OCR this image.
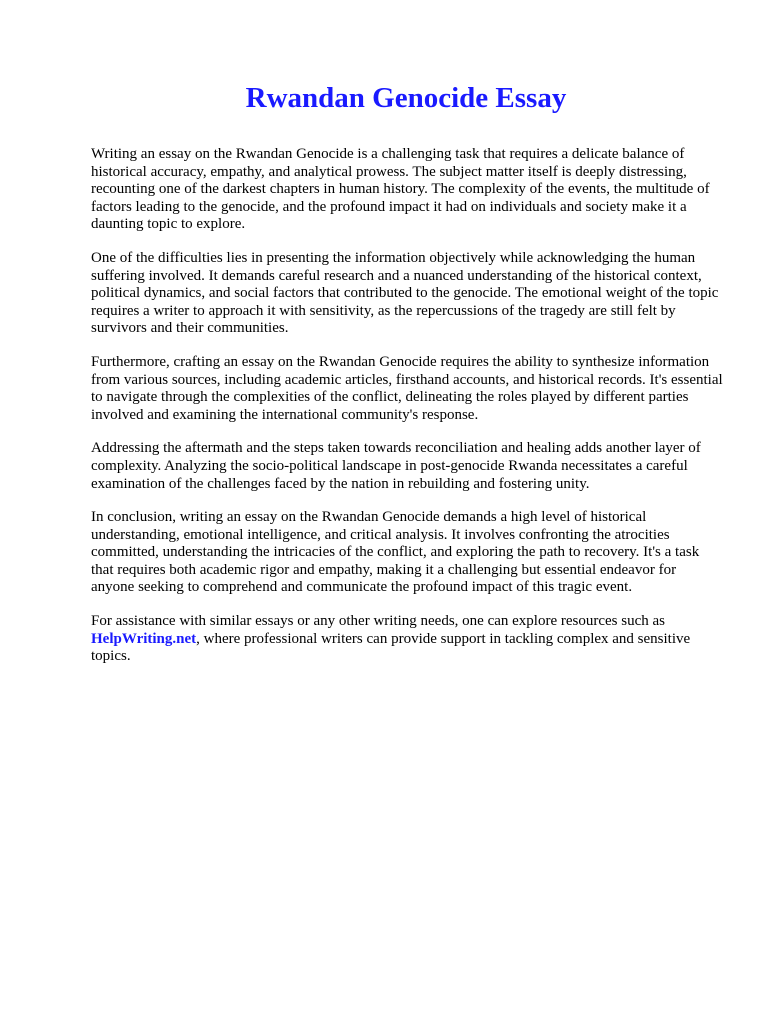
Rwandan Genocide Essay

Writing an essay on the Rwandan Genocide is a challenging task that requires a delicate balance of historical accuracy, empathy, and analytical prowess. The subject matter itself is deeply distressing, recounting one of the darkest chapters in human history. The complexity of the events, the multitude of factors leading to the genocide, and the profound impact it had on individuals and society make it a daunting topic to explore.

One of the difficulties lies in presenting the information objectively while acknowledging the human suffering involved. It demands careful research and a nuanced understanding of the historical context, political dynamics, and social factors that contributed to the genocide. The emotional weight of the topic requires a writer to approach it with sensitivity, as the repercussions of the tragedy are still felt by survivors and their communities.

Furthermore, crafting an essay on the Rwandan Genocide requires the ability to synthesize information from various sources, including academic articles, firsthand accounts, and historical records. It's essential to navigate through the complexities of the conflict, delineating the roles played by different parties involved and examining the international community's response.

Addressing the aftermath and the steps taken towards reconciliation and healing adds another layer of complexity. Analyzing the socio-political landscape in post-genocide Rwanda necessitates a careful examination of the challenges faced by the nation in rebuilding and fostering unity.

In conclusion, writing an essay on the Rwandan Genocide demands a high level of historical understanding, emotional intelligence, and critical analysis. It involves confronting the atrocities committed, understanding the intricacies of the conflict, and exploring the path to recovery. It's a task that requires both academic rigor and empathy, making it a challenging but essential endeavor for anyone seeking to comprehend and communicate the profound impact of this tragic event.

For assistance with similar essays or any other writing needs, one can explore resources such as HelpWriting.net, where professional writers can provide support in tackling complex and sensitive topics.
